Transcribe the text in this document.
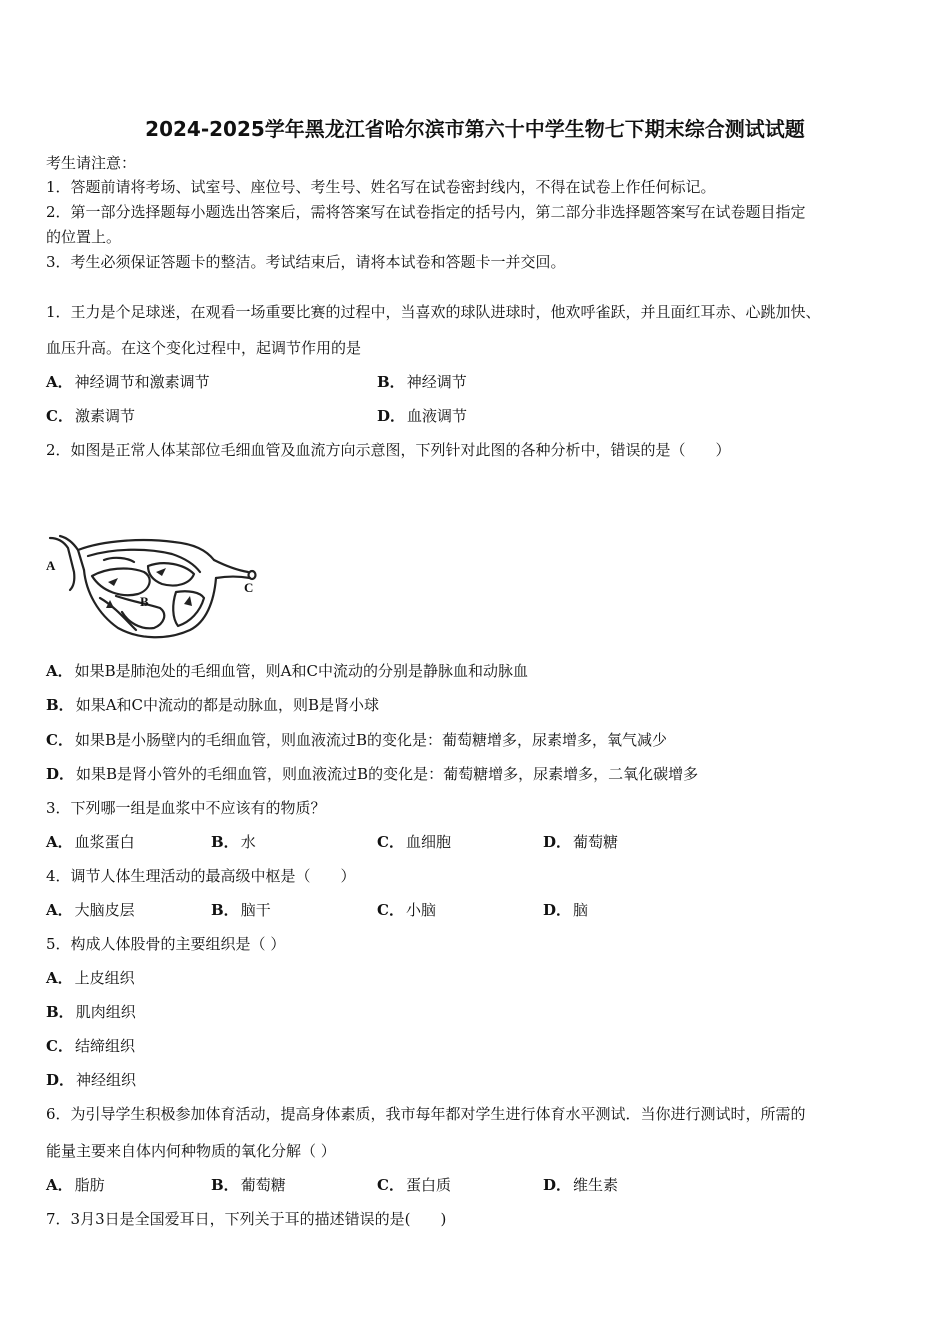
2024-2025学年黑龙江省哈尔滨市第六十中学生物七下期末综合测试试题
考生请注意：
1．答题前请将考场、试室号、座位号、考生号、姓名写在试卷密封线内，不得在试卷上作任何标记。
2．第一部分选择题每小题选出答案后，需将答案写在试卷指定的括号内，第二部分非选择题答案写在试卷题目指定
的位置上。
3．考生必须保证答题卡的整洁。考试结束后，请将本试卷和答题卡一并交回。
1．王力是个足球迷，在观看一场重要比赛的过程中，当喜欢的球队进球时，他欢呼雀跃，并且面红耳赤、心跳加快、
血压升高。在这个变化过程中，起调节作用的是
A． 神经调节和激素调节	B． 神经调节
C． 激素调节	D． 血液调节
2．如图是正常人体某部位毛细血管及血流方向示意图，下列针对此图的各种分析中，错误的是（　　）
A
B
C
A． 如果B是肺泡处的毛细血管，则A和C中流动的分别是静脉血和动脉血
B． 如果A和C中流动的都是动脉血，则B是肾小球
C． 如果B是小肠壁内的毛细血管，则血液流过B的变化是：葡萄糖增多，尿素增多，氧气减少
D． 如果B是肾小管外的毛细血管，则血液流过B的变化是：葡萄糖增多，尿素增多，二氧化碳增多
3．下列哪一组是血浆中不应该有的物质？
A． 血浆蛋白	B． 水	C． 血细胞	D． 葡萄糖
4．调节人体生理活动的最高级中枢是（　　）
A． 大脑皮层	B． 脑干	C． 小脑	D． 脑
5．构成人体股骨的主要组织是（ ）
A． 上皮组织
B． 肌肉组织
C． 结缔组织
D． 神经组织
6．为引导学生积极参加体育活动，提高身体素质，我市每年都对学生进行体育水平测试．当你进行测试时，所需的
能量主要来自体内何种物质的氧化分解（ ）
A． 脂肪	B． 葡萄糖	C． 蛋白质	D． 维生素
7．3月3日是全国爱耳日，下列关于耳的描述错误的是(　　)
